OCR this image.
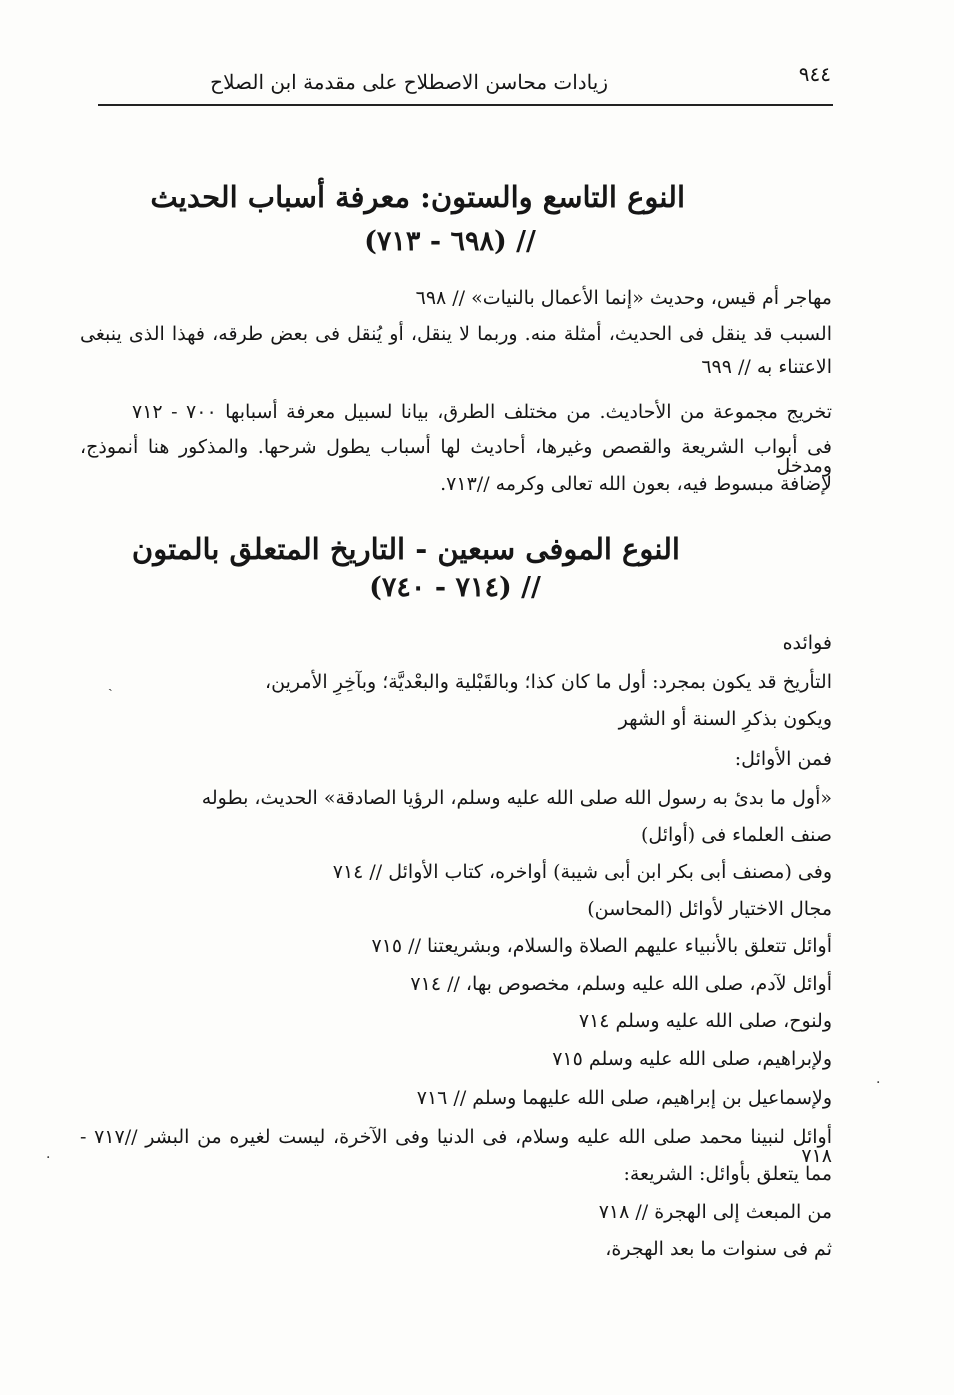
٩٤٤
زيادات محاسن الاصطلاح على مقدمة ابن الصلاح
النوع التاسع والستون: معرفة أسباب الحديث
// (٦٩٨ - ٧١٣)
مهاجر أم قيس، وحديث «إنما الأعمال بالنيات» // ٦٩٨
السبب قد ينقل فى الحديث، أمثلة منه. وربما لا ينقل، أو يُنقل فى بعض طرقه، فهذا الذى ينبغى
الاعتناء به // ٦٩٩
تخريج مجموعة من الأحاديث. من مختلف الطرق، بيانا لسبيل معرفة أسبابها ٧٠٠ - ٧١٢
فى أبواب الشريعة والقصص وغيرها، أحاديث لها أسباب يطول شرحها. والمذكور هنا أنموذج، ومدخل
لإضافة مبسوط فيه، بعون الله تعالى وكرمه //٧١٣.
النوع الموفى سبعين - التاريخ المتعلق بالمتون
// (٧١٤ - ٧٤٠)
فوائده
التأريخ قد يكون بمجرد: أول ما كان كذا؛ وبالقَبْلية والبعْديَّة؛ وبآخِرِ الأمرين،
ويكون بذكرِ السنة أو الشهر
فمن الأوائل:
«أول ما بدئ به رسول الله صلى الله عليه وسلم، الرؤيا الصادقة» الحديث، بطوله
صنف العلماء فى (أوائل)
وفى (مصنف أبى بكر ابن أبى شيبة) أواخره، كتاب الأوائل // ٧١٤
مجال الاختيار لأوائل (المحاسن)
أوائل تتعلق بالأنبياء عليهم الصلاة والسلام، وبشريعتنا // ٧١٥
أوائل لآدم، صلى الله عليه وسلم، مخصوص بها، // ٧١٤
ولنوح، صلى الله عليه وسلم ٧١٤
ولإبراهيم، صلى الله عليه وسلم ٧١٥
ولإسماعيل بن إبراهيم، صلى الله عليهما وسلم // ٧١٦
أوائل لنبينا محمد صلى الله عليه وسلام، فى الدنيا وفى الآخرة، ليست لغيره من البشر //٧١٧ - ٧١٨
مما يتعلق بأوائل: الشريعة:
من المبعث إلى الهجرة // ٧١٨
ثم فى سنوات ما بعد الهجرة،
ˏ
·
·
